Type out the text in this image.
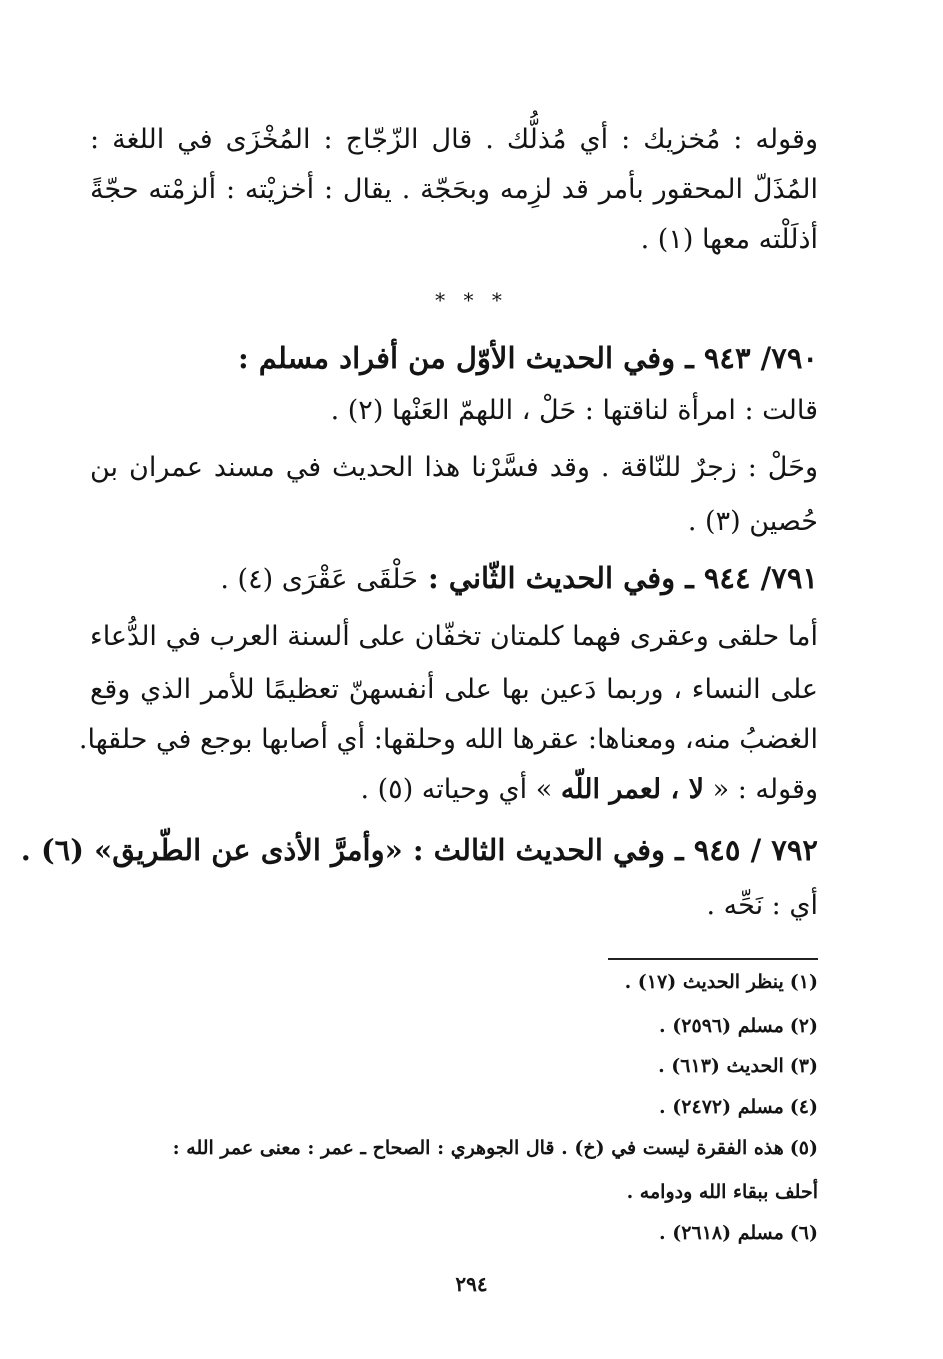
وقوله : مُخزيك : أي مُذلُّك . قال الزّجّاج : المُخْزَى في اللغة :
المُذَلّ المحقور بأمر قد لزِمه وبحَجّة . يقال : أخزيْته : ألزمْته حجّةً
أذلَلْته معها (١) .
* * *
٧٩٠/ ٩٤٣ ـ وفي الحديث الأوّل من أفراد مسلم :
قالت : امرأة لناقتها : حَلْ ، اللهمّ العَنْها (٢) .
وحَلْ : زجرٌ للنّاقة . وقد فسَّرْنا هذا الحديث في مسند عمران بن
حُصين (٣) .
٧٩١/ ٩٤٤ ـ وفي الحديث الثّاني : حَلْقَى عَقْرَى (٤) .
أما حلقى وعقرى فهما كلمتان تخفّان على ألسنة العرب في الدُّعاء
على النساء ، وربما دَعين بها على أنفسهنّ تعظيمًا للأمر الذي وقع
الغضبُ منه، ومعناها: عقرها الله وحلقها: أي أصابها بوجع في حلقها.
وقوله : « لا ، لعمر اللّه » أي وحياته (٥) .
٧٩٢ / ٩٤٥ ـ وفي الحديث الثالث : «وأمرَّ الأذى عن الطّريق» (٦) .
أي : نَحِّه .
(١)ينظر الحديث (١٧) .
(٢)مسلم (٢٥٩٦) .
(٣)الحديث (٦١٣) .
(٤)مسلم (٢٤٧٢) .
(٥)هذه الفقرة ليست في (خ) . قال الجوهري : الصحاح ـ عمر : معنى عمر الله :
أحلف ببقاء الله ودوامه .
(٦)مسلم (٢٦١٨) .
٢٩٤
